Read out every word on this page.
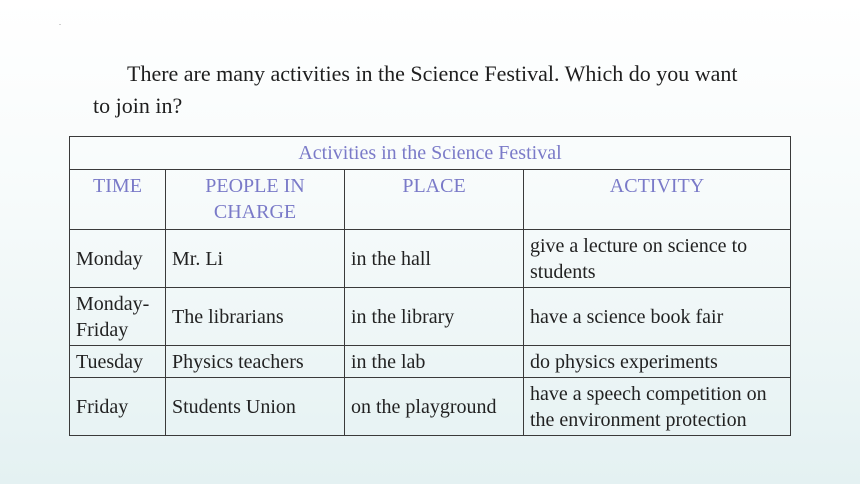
.

There are many activities in the Science Festival. Which do you want to join in?

Activities in the Science Festival			
TIME	PEOPLE IN CHARGE	PLACE	ACTIVITY
Monday	Mr. Li	in the hall	give a lecture on science to students
Monday-Friday	The librarians	in the library	have a science book fair
Tuesday	Physics teachers	in the lab	do physics experiments
Friday	Students Union	on the playground	have a speech competition on the environment protection
